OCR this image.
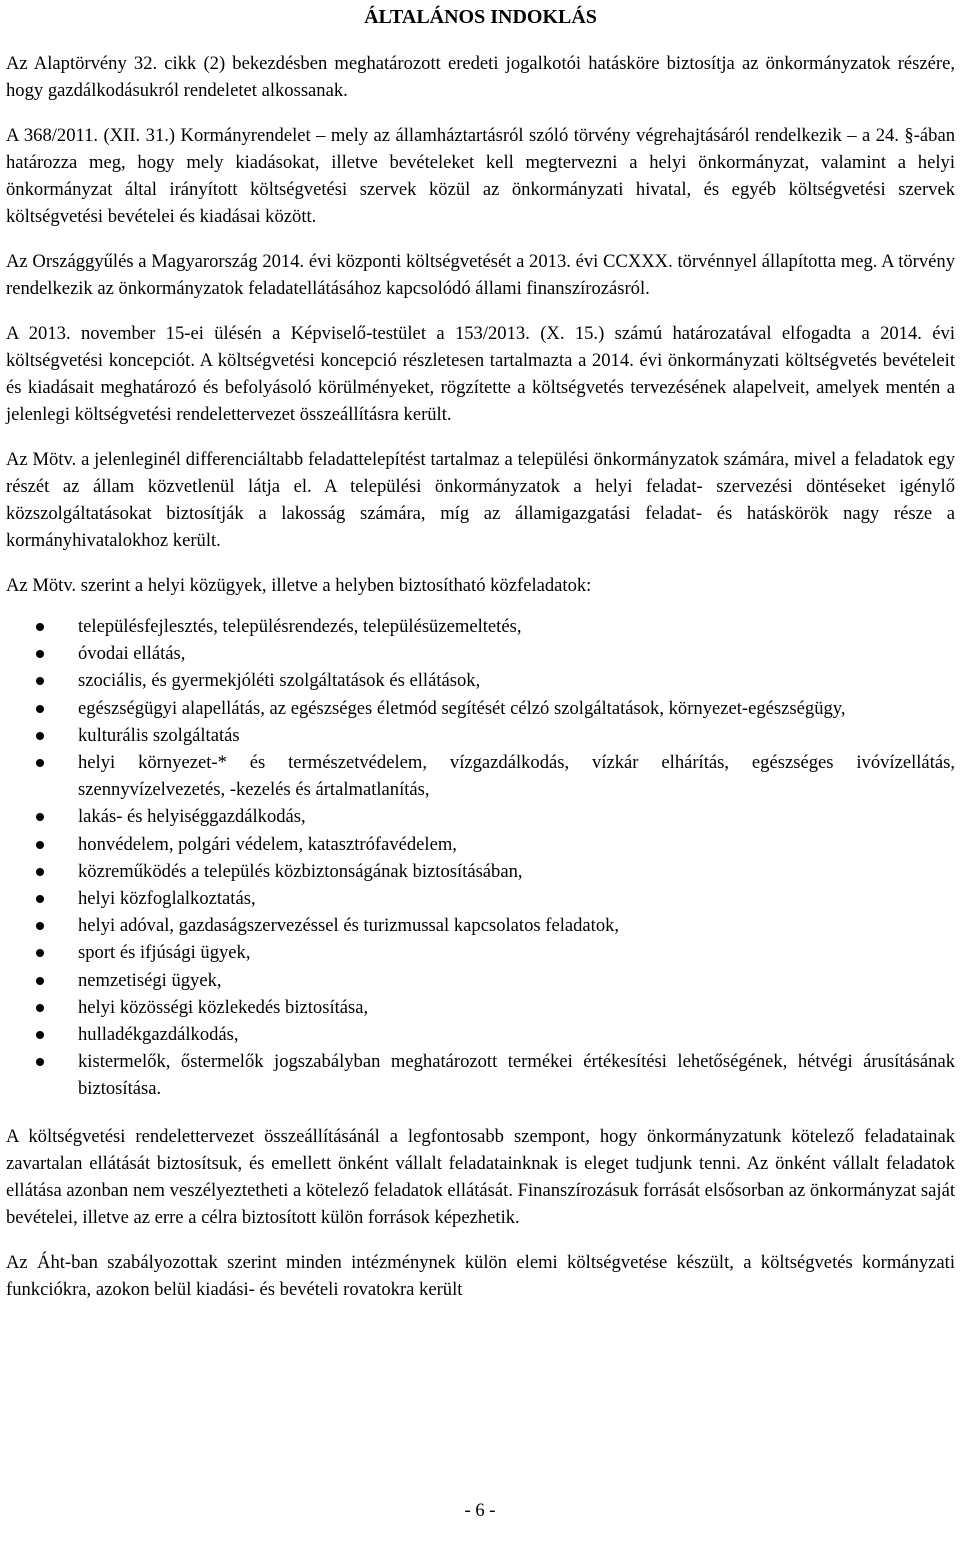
ÁLTALÁNOS INDOKLÁS

Az Alaptörvény 32. cikk (2) bekezdésben meghatározott eredeti jogalkotói hatásköre biztosítja az önkormányzatok részére, hogy gazdálkodásukról rendeletet alkossanak.

A 368/2011. (XII. 31.) Kormányrendelet – mely az államháztartásról szóló törvény végrehajtásáról rendelkezik – a 24. §-ában határozza meg, hogy mely kiadásokat, illetve bevételeket kell megtervezni a helyi önkormányzat, valamint a helyi önkormányzat által irányított költségvetési szervek közül az önkormányzati hivatal, és egyéb költségvetési szervek költségvetési bevételei és kiadásai között.

Az Országgyűlés a Magyarország 2014. évi központi költségvetését a 2013. évi CCXXX. törvénnyel állapította meg. A törvény rendelkezik az önkormányzatok feladatellátásához kapcsolódó állami finanszírozásról.

A 2013. november 15-ei ülésén a Képviselő-testület a 153/2013. (X. 15.) számú határozatával elfogadta a 2014. évi költségvetési koncepciót. A költségvetési koncepció részletesen tartalmazta a 2014. évi önkormányzati költségvetés bevételeit és kiadásait meghatározó és befolyásoló körülményeket, rögzítette a költségvetés tervezésének alapelveit, amelyek mentén a jelenlegi költségvetési rendelettervezet összeállításra került.

Az Mötv. a jelenleginél differenciáltabb feladattelepítést tartalmaz a települési önkormányzatok számára, mivel a feladatok egy részét az állam közvetlenül látja el. A települési önkormányzatok a helyi feladat- szervezési döntéseket igénylő közszolgáltatásokat biztosítják a lakosság számára, míg az államigazgatási feladat- és hatáskörök nagy része a kormányhivatalokhoz került.

Az Mötv. szerint a helyi közügyek, illetve a helyben biztosítható közfeladatok:

településfejlesztés, településrendezés, településüzemeltetés,
óvodai ellátás,
szociális, és gyermekjóléti szolgáltatások és ellátások,
egészségügyi alapellátás, az egészséges életmód segítését célzó szolgáltatások, környezet-egészségügy,
kulturális szolgáltatás
helyi környezet-* és természetvédelem, vízgazdálkodás, vízkár elhárítás, egészséges ivóvízellátás, szennyvízelvezetés, -kezelés és ártalmatlanítás,
lakás- és helyiséggazdálkodás,
honvédelem, polgári védelem, katasztrófavédelem,
közreműködés a település közbiztonságának biztosításában,
helyi közfoglalkoztatás,
helyi adóval, gazdaságszervezéssel és turizmussal kapcsolatos feladatok,
sport és ifjúsági ügyek,
nemzetiségi ügyek,
helyi közösségi közlekedés biztosítása,
hulladékgazdálkodás,
kistermelők, őstermelők jogszabályban meghatározott termékei értékesítési lehetőségének, hétvégi árusításának biztosítása.

A költségvetési rendelettervezet összeállításánál a legfontosabb szempont, hogy önkormányzatunk kötelező feladatainak zavartalan ellátását biztosítsuk, és emellett önként vállalt feladatainknak is eleget tudjunk tenni. Az önként vállalt feladatok ellátása azonban nem veszélyeztetheti a kötelező feladatok ellátását. Finanszírozásuk forrását elsősorban az önkormányzat saját bevételei, illetve az erre a célra biztosított külön források képezhetik.

Az Áht-ban szabályozottak szerint minden intézménynek külön elemi költségvetése készült, a költségvetés kormányzati funkciókra, azokon belül kiadási- és bevételi rovatokra került

- 6 -
